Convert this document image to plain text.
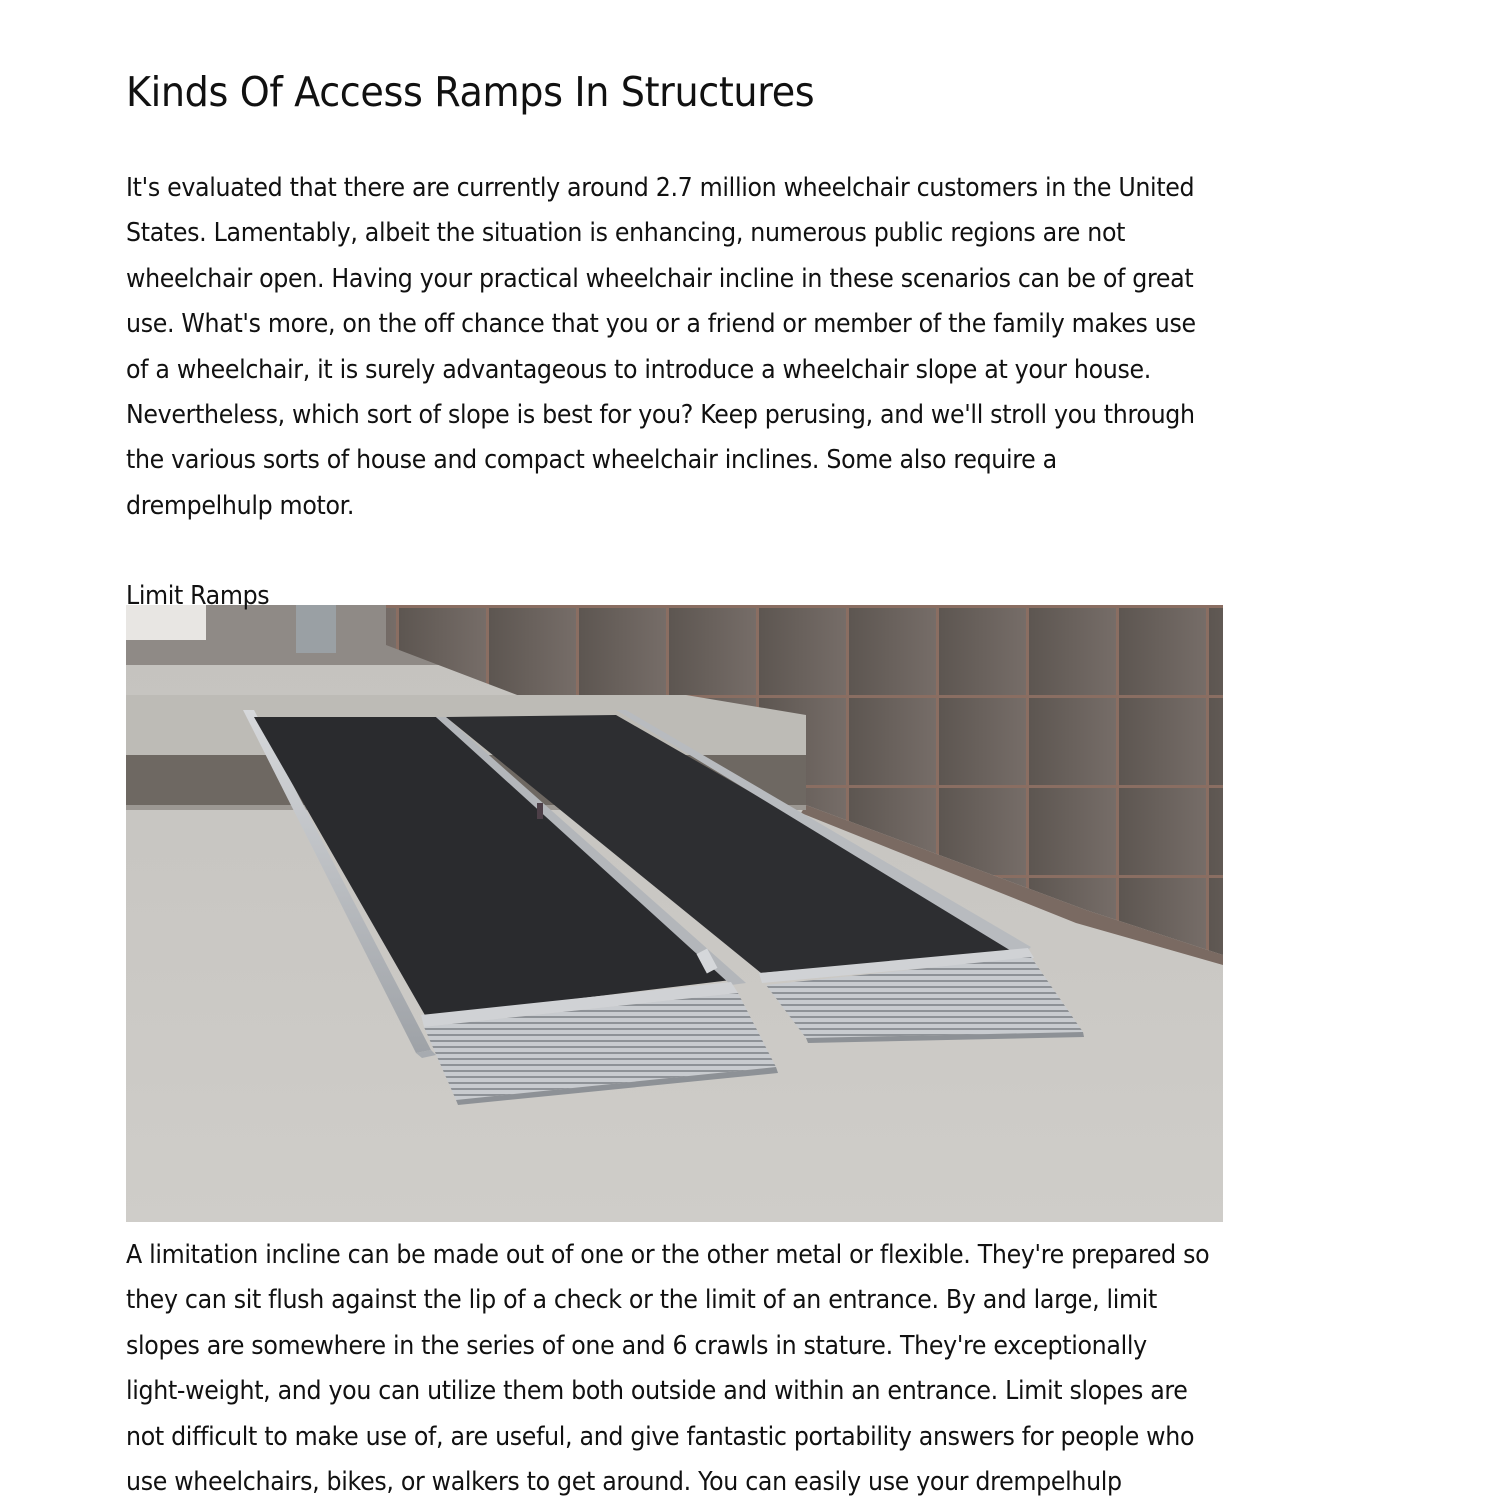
Kinds Of Access Ramps In Structures

It's evaluated that there are currently around 2.7 million wheelchair customers in the United
States. Lamentably, albeit the situation is enhancing, numerous public regions are not
wheelchair open. Having your practical wheelchair incline in these scenarios can be of great
use. What's more, on the off chance that you or a friend or member of the family makes use
of a wheelchair, it is surely advantageous to introduce a wheelchair slope at your house.
Nevertheless, which sort of slope is best for you? Keep perusing, and we'll stroll you through
the various sorts of house and compact wheelchair inclines. Some also require a
drempelhulp motor.

Limit Ramps

A limitation incline can be made out of one or the other metal or flexible. They're prepared so
they can sit flush against the lip of a check or the limit of an entrance. By and large, limit
slopes are somewhere in the series of one and 6 crawls in stature. They're exceptionally
light-weight, and you can utilize them both outside and within an entrance. Limit slopes are
not difficult to make use of, are useful, and give fantastic portability answers for people who
use wheelchairs, bikes, or walkers to get around. You can easily use your drempelhulp
